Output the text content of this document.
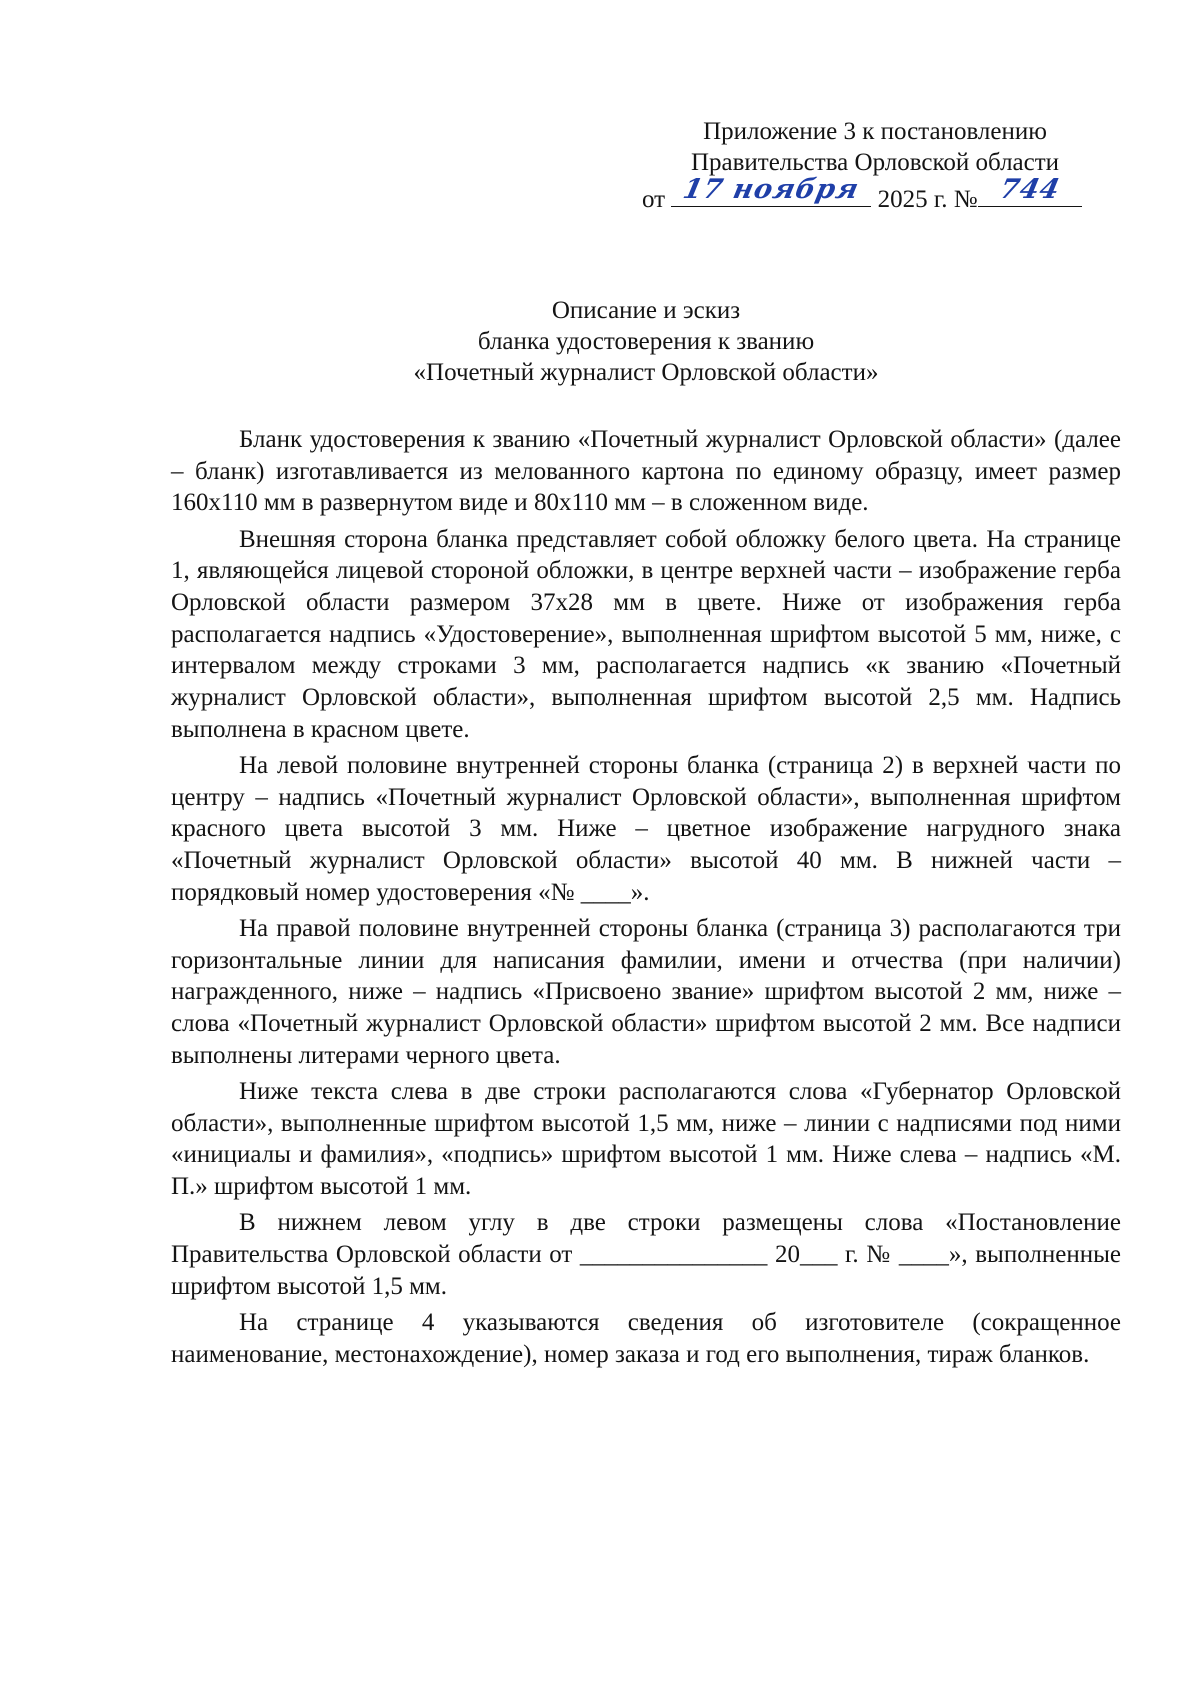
Приложение 3 к постановлению
Правительства Орловской области
от 17 ноября 2025 г. № 744
Описание и эскиз
бланка удостоверения к званию
«Почетный журналист Орловской области»

Бланк удостоверения к званию «Почетный журналист Орловской области» (далее – бланк) изготавливается из мелованного картона по единому образцу, имеет размер 160х110 мм в развернутом виде и 80х110 мм – в сложенном виде.

Внешняя сторона бланка представляет собой обложку белого цвета. На странице 1, являющейся лицевой стороной обложки, в центре верхней части – изображение герба Орловской области размером 37х28 мм в цвете. Ниже от изображения герба располагается надпись «Удостоверение», выполненная шрифтом высотой 5 мм, ниже, с интервалом между строками 3 мм, располагается надпись «к званию «Почетный журналист Орловской области», выполненная шрифтом высотой 2,5 мм. Надпись выполнена в красном цвете.

На левой половине внутренней стороны бланка (страница 2) в верхней части по центру – надпись «Почетный журналист Орловской области», выполненная шрифтом красного цвета высотой 3 мм. Ниже – цветное изображение нагрудного знака «Почетный журналист Орловской области» высотой 40 мм. В нижней части – порядковый номер удостоверения «№ ____».

На правой половине внутренней стороны бланка (страница 3) располагаются три горизонтальные линии для написания фамилии, имени и отчества (при наличии) награжденного, ниже – надпись «Присвоено звание» шрифтом высотой 2 мм, ниже – слова «Почетный журналист Орловской области» шрифтом высотой 2 мм. Все надписи выполнены литерами черного цвета.

Ниже текста слева в две строки располагаются слова «Губернатор Орловской области», выполненные шрифтом высотой 1,5 мм, ниже – линии с надписями под ними «инициалы и фамилия», «подпись» шрифтом высотой 1 мм. Ниже слева – надпись «М. П.» шрифтом высотой 1 мм.

В нижнем левом углу в две строки размещены слова «Постановление Правительства Орловской области от _______________ 20___ г. № ____», выполненные шрифтом высотой 1,5 мм.

На странице 4 указываются сведения об изготовителе (сокращенное наименование, местонахождение), номер заказа и год его выполнения, тираж бланков.
